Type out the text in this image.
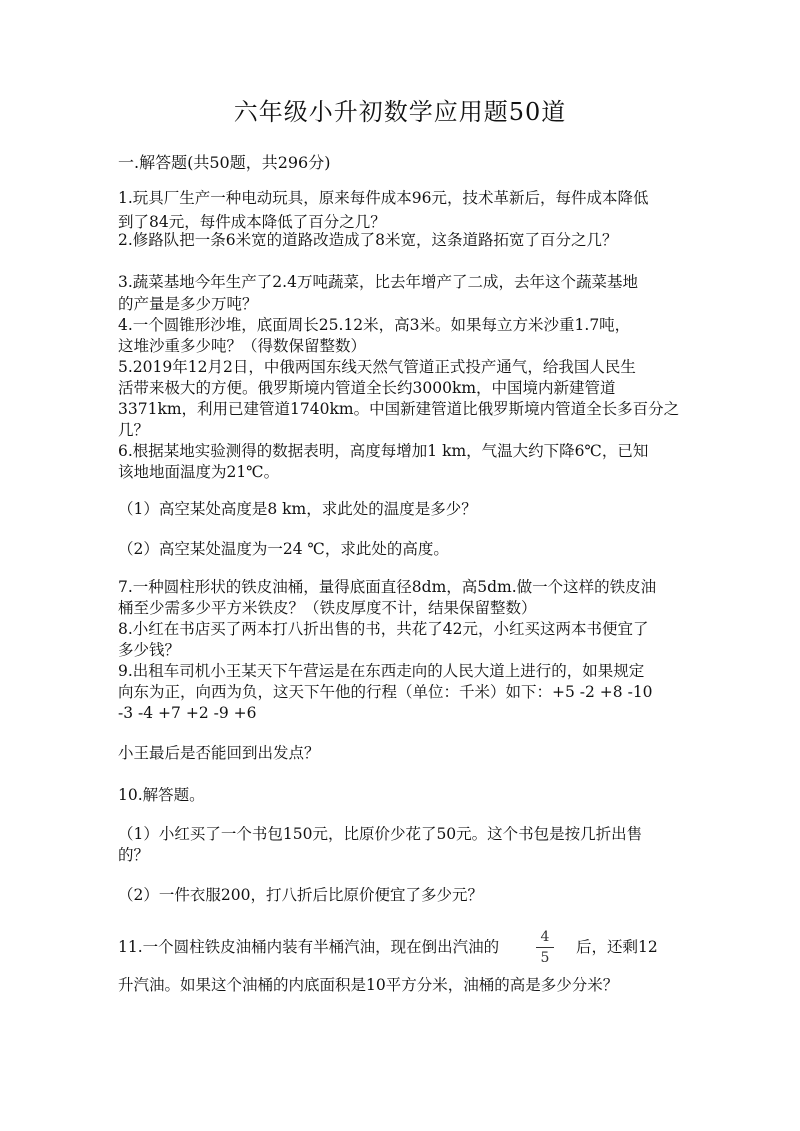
六年级小升初数学应用题50道
一.解答题(共50题，共296分)
1.玩具厂生产一种电动玩具，原来每件成本96元，技术革新后，每件成本降低
到了84元，每件成本降低了百分之几？
2.修路队把一条6米宽的道路改造成了8米宽，这条道路拓宽了百分之几？
3.蔬菜基地今年生产了2.4万吨蔬菜，比去年增产了二成，去年这个蔬菜基地
的产量是多少万吨？
4.一个圆锥形沙堆，底面周长25.12米，高3米。如果每立方米沙重1.7吨，
这堆沙重多少吨？（得数保留整数）
5.2019年12月2日，中俄两国东线天然气管道正式投产通气，给我国人民生
活带来极大的方便。俄罗斯境内管道全长约3000km，中国境内新建管道
3371km，利用已建管道1740km。中国新建管道比俄罗斯境内管道全长多百分之
几？
6.根据某地实验测得的数据表明，高度每增加1 km，气温大约下降6℃，已知
该地地面温度为21℃。
（1）高空某处高度是8 km，求此处的温度是多少？
（2）高空某处温度为一24 ℃，求此处的高度。
7.一种圆柱形状的铁皮油桶，量得底面直径8dm，高5dm.做一个这样的铁皮油
桶至少需多少平方米铁皮？（铁皮厚度不计，结果保留整数）
8.小红在书店买了两本打八折出售的书，共花了42元，小红买这两本书便宜了
多少钱？
9.出租车司机小王某天下午营运是在东西走向的人民大道上进行的，如果规定
向东为正，向西为负，这天下午他的行程（单位：千米）如下：+5 -2 +8 -10
-3 -4 +7 +2 -9 +6
小王最后是否能回到出发点？
10.解答题。
（1）小红买了一个书包150元，比原价少花了50元。这个书包是按几折出售
的？
（2）一件衣服200，打八折后比原价便宜了多少元？
11.一个圆柱铁皮油桶内装有半桶汽油，现在倒出汽油的
4
5
后，还剩12
升汽油。如果这个油桶的内底面积是10平方分米，油桶的高是多少分米？
